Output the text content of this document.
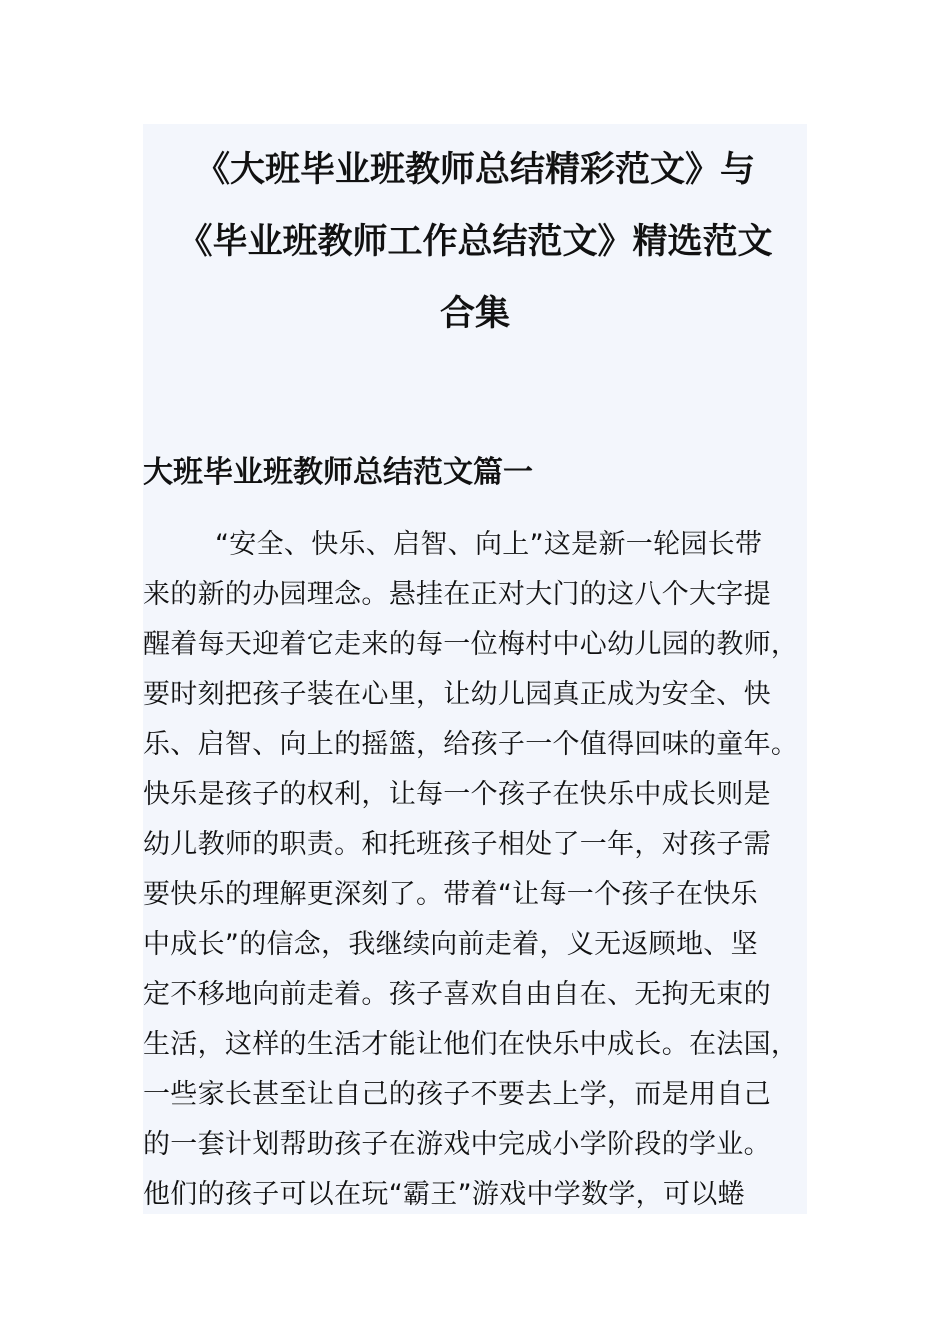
《大班毕业班教师总结精彩范文》与
《毕业班教师工作总结范文》精选范文
合集
大班毕业班教师总结范文篇一
“安全、快乐、启智、向上”这是新一轮园长带
来的新的办园理念。悬挂在正对大门的这八个大字提
醒着每天迎着它走来的每一位梅村中心幼儿园的教师，
要时刻把孩子装在心里，让幼儿园真正成为安全、快
乐、启智、向上的摇篮，给孩子一个值得回味的童年。
快乐是孩子的权利，让每一个孩子在快乐中成长则是
幼儿教师的职责。和托班孩子相处了一年，对孩子需
要快乐的理解更深刻了。带着“让每一个孩子在快乐
中成长”的信念，我继续向前走着，义无返顾地、坚
定不移地向前走着。孩子喜欢自由自在、无拘无束的
生活，这样的生活才能让他们在快乐中成长。在法国，
一些家长甚至让自己的孩子不要去上学，而是用自己
的一套计划帮助孩子在游戏中完成小学阶段的学业。
他们的孩子可以在玩“霸王”游戏中学数学，可以蜷
